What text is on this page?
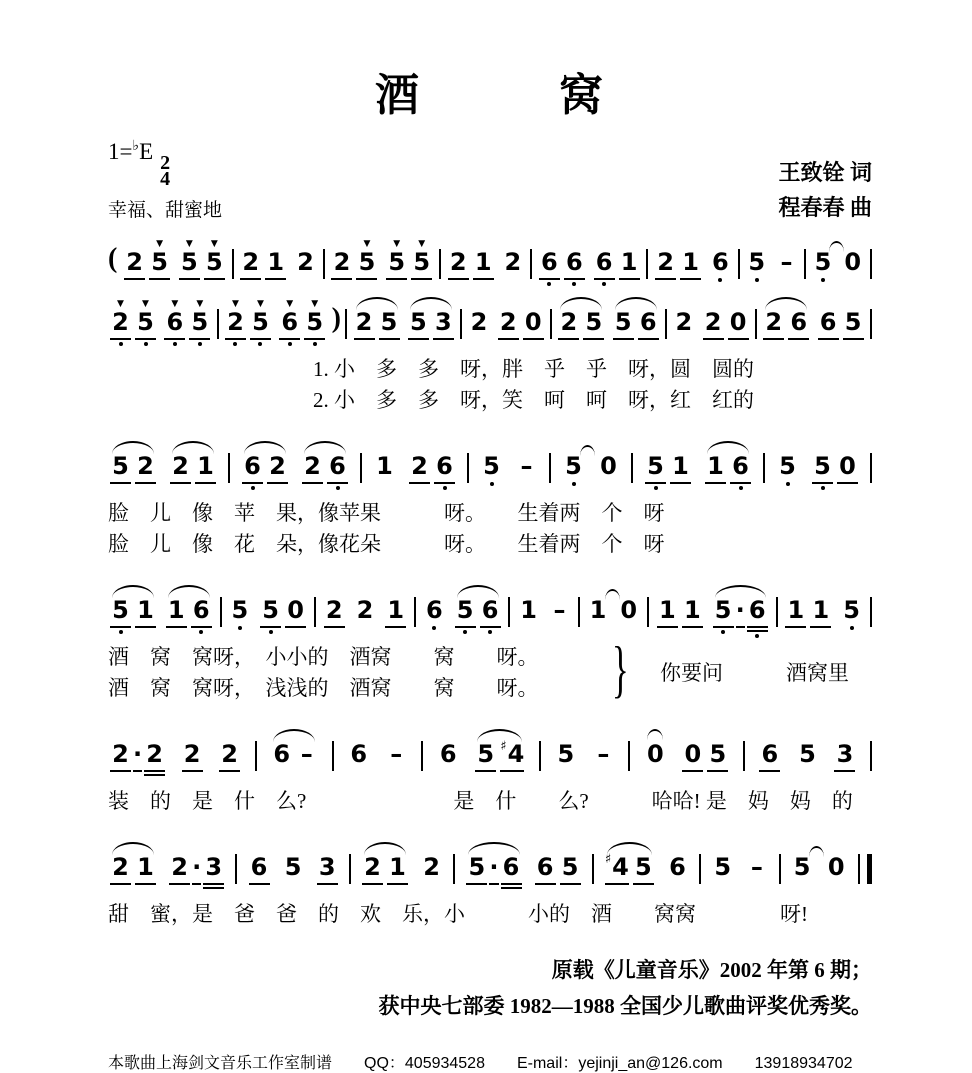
酒　　　窝
1=♭E 2
4	王致铨 词
幸福、甜蜜地	程春春 曲
( 2
▼
5
▼
5
▼
5 2 1 2 2
▼
5
▼
5
▼
5 2 1 2 6 6 6 1 2 1 6 5 – 5 0
▼
2
▼
5
▼
6
▼
5
▼
2
▼
5
▼
6
▼
5 ) 2 5 5 3 2 2 0 2 5 5 6 2 2 0 2 6 6 5
1. 小　多　多　呀，胖　乎　乎　呀，圆　圆的
2. 小　多　多　呀，笑　呵　呵　呀，红　红的
5 2 2 1 6 2 2 6 1 2 6 5 – 5 0 5 1 1 6 5 5 0
脸　儿　像　苹　果，像苹果　　　呀。　　生着两　个　呀
脸　儿　像　花　朵，像花朵　　　呀。　　生着两　个　呀
5 1 1 6 5 5 0 2 2 1 6 5 6 1 – 1 0 1 1 5 · 6 1 1 5
酒　窝　窝呀，　小小的　酒窝　　窝　　呀。
酒　窝　窝呀，　浅浅的　酒窝　　窝　　呀。	} 你要问　　　酒窝里
2 · 2 2 2 6 – 6 – 6 5 ♯ 4 5 – 0 0 5 6 5 3
装　的　是　什　么?　　　　　　　是　什　　么?　　　哈哈! 是　妈　妈　的
2 1 2 · 3 6 5 3 2 1 2 5 · 6 6 5 ♯ 4 5 6 5 – 5 0
甜　蜜，是　爸　爸　的　欢　乐，小　　　小的　酒　　窝窝　　　　呀!
原载《儿童音乐》2002 年第 6 期；
获中央七部委 1982—1988 全国少儿歌曲评奖优秀奖。
本歌曲上海剑文音乐工作室制谱　　QQ：405934528　　E-mail：yejinji_an@126.com　　13918934702
